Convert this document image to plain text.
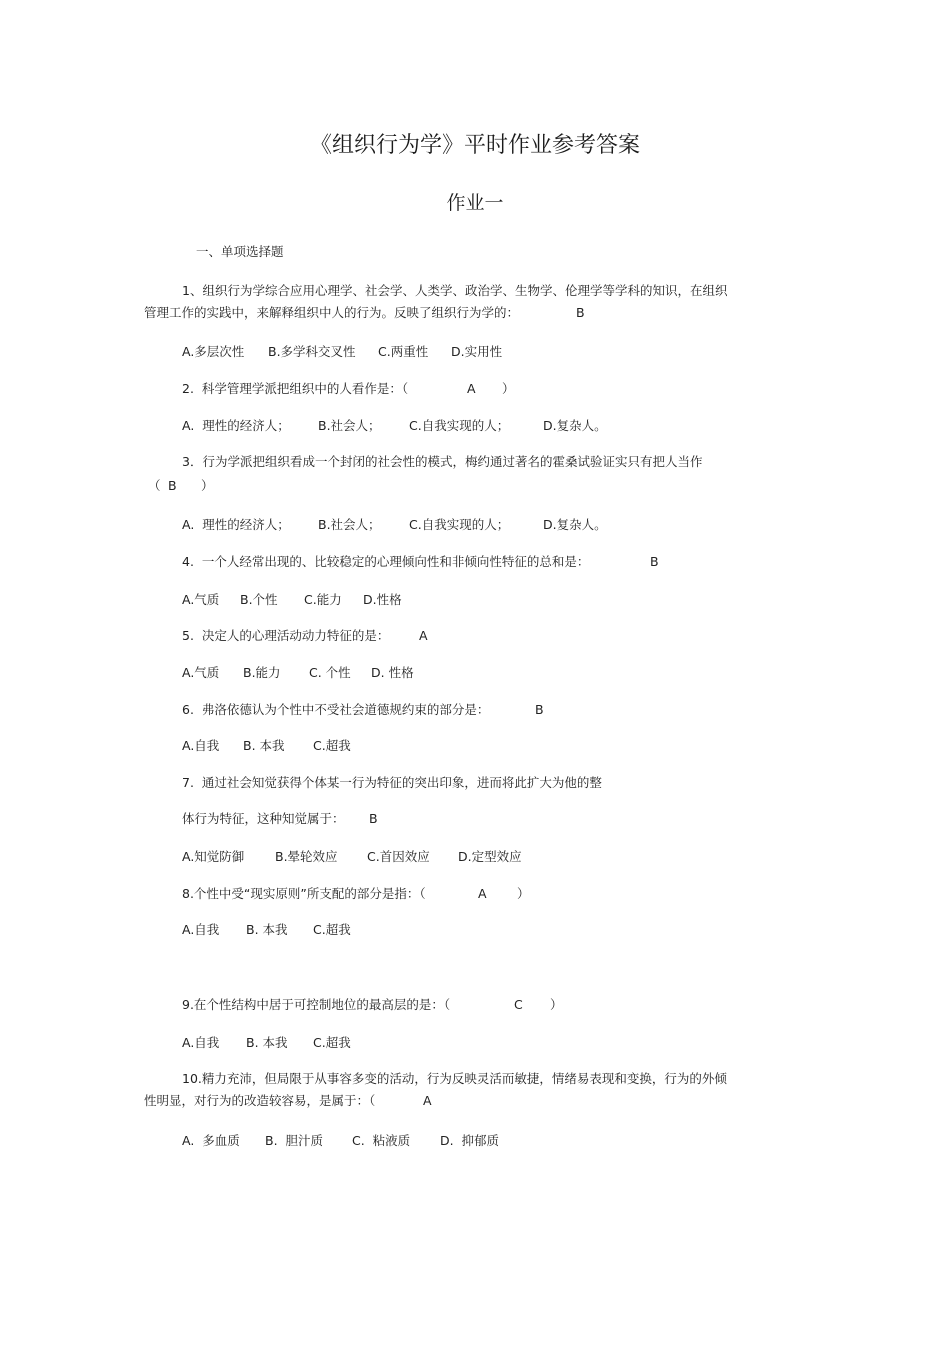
《组织行为学》平时作业参考答案
作业一
一、单项选择题
1、组织行为学综合应用心理学、社会学、人类学、政治学、生物学、伦理学等学科的知识，在组织
管理工作的实践中，来解释组织中人的行为。反映了组织行为学的：	B
A.多层次性 B.多学科交叉性 C.两重性 D.实用性
2.  科学管理学派把组织中的人看作是：（	A ）
A.  理性的经济人； B.社会人； C.自我实现的人；	D.复杂人。
3．行为学派把组织看成一个封闭的社会性的模式，梅约通过著名的霍桑试验证实只有把人当作
（ B ）
A.  理性的经济人； B.社会人； C.自我实现的人；	D.复杂人。
4.  一个人经常出现的、比较稳定的心理倾向性和非倾向性特征的总和是：	B
A.气质 B.个性 C.能力 D.性格
5.  决定人的心理活动动力特征的是： A
A.气质 B.能力 C. 个性 D. 性格
6.  弗洛依德认为个性中不受社会道德规约束的部分是：	B
A.自我 B. 本我 C.超我
7.  通过社会知觉获得个体某一行为特征的突出印象，进而将此扩大为他的整
体行为特征，这种知觉属于： B
A.知觉防御 B.晕轮效应 C.首因效应 D.定型效应
8.个性中受“现实原则”所支配的部分是指：（	A ）
A.自我 B. 本我 C.超我
9.在个性结构中居于可控制地位的最高层的是：（	C ）
A.自我 B. 本我 C.超我
10.精力充沛，但局限于从事容多变的活动，行为反映灵活而敏捷，情绪易表现和变换，行为的外倾
性明显，对行为的改造较容易，是属于：（	A
A.  多血质 B.  胆汁质 C.  粘液质 D.  抑郁质
